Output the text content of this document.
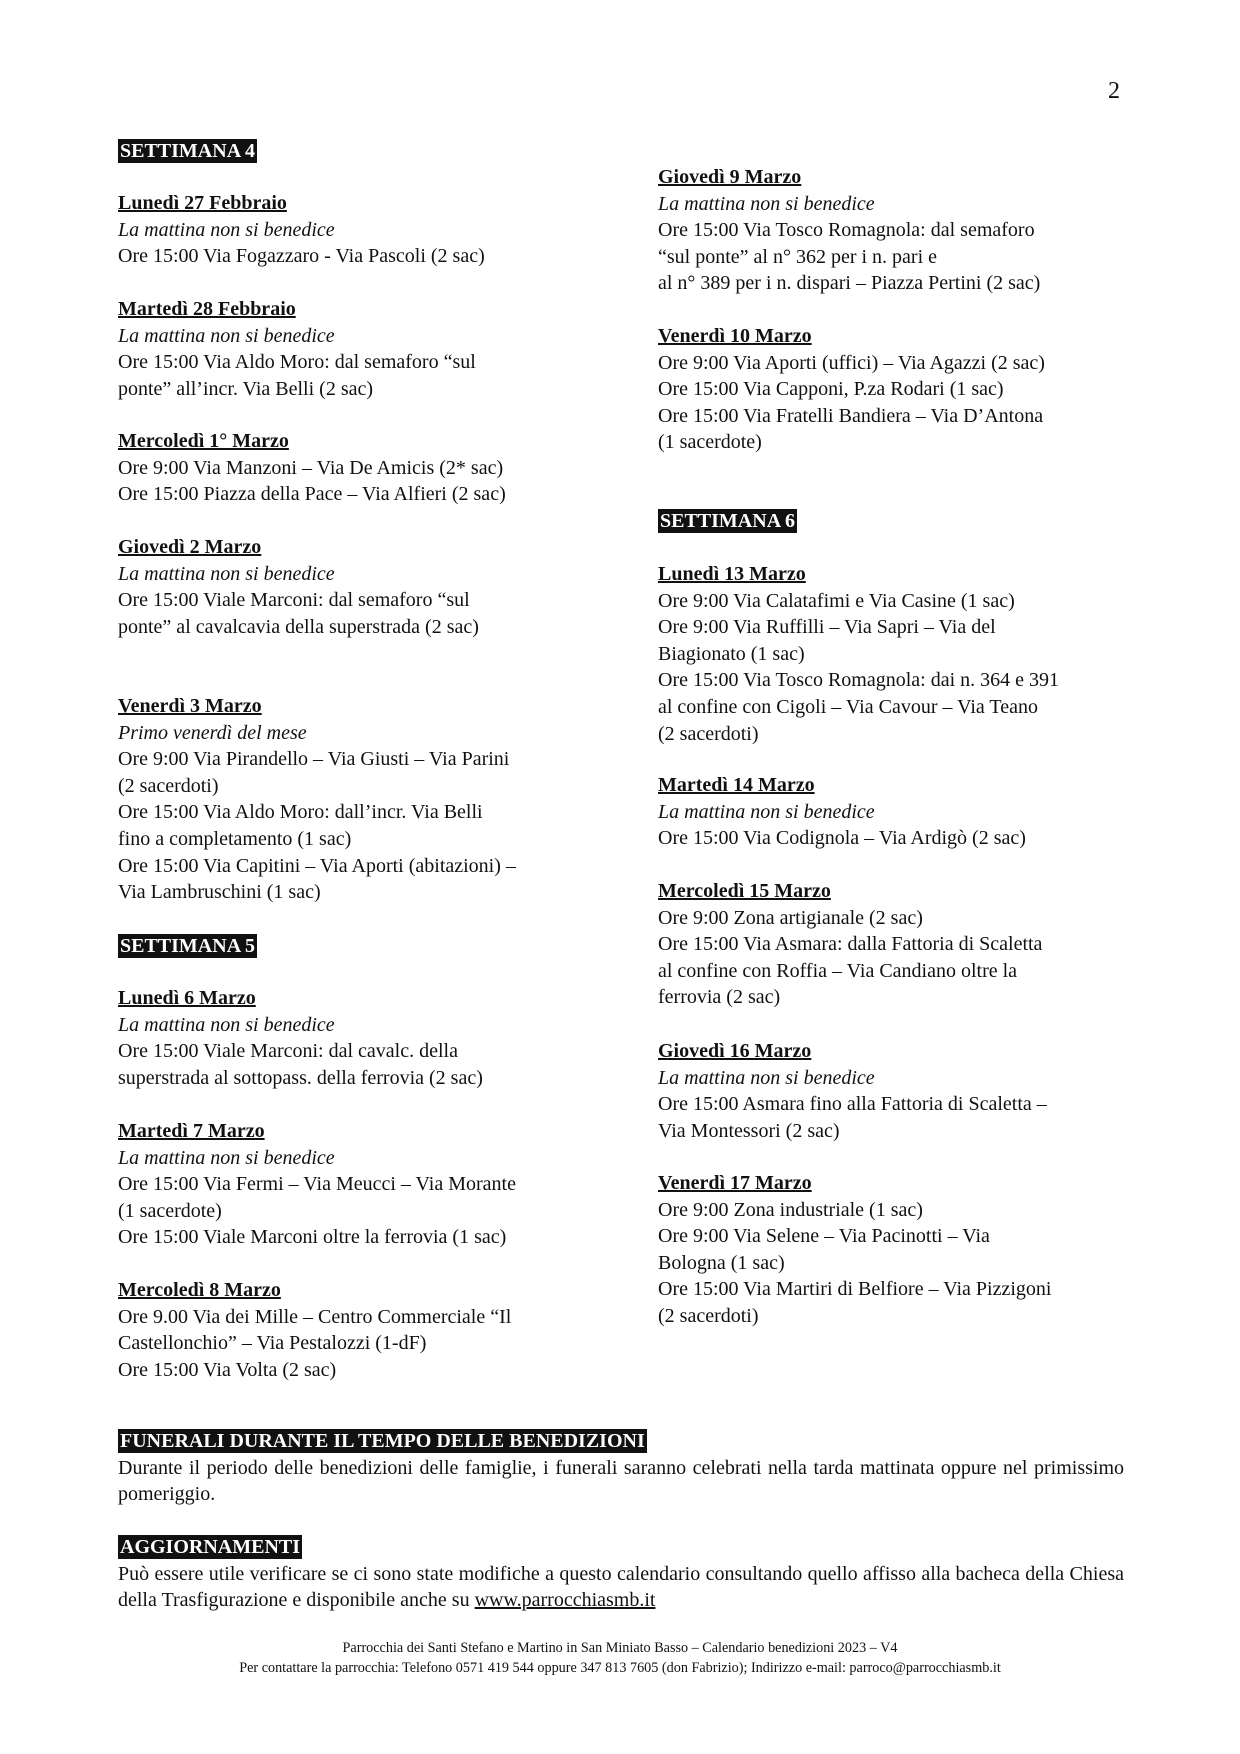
2
SETTIMANA 4
Lunedì 27 Febbraio
La mattina non si benedice
Ore 15:00 Via Fogazzaro - Via Pascoli (2 sac)
Martedì 28 Febbraio
La mattina non si benedice
Ore 15:00 Via Aldo Moro: dal semaforo “sul
ponte” all’incr. Via Belli (2 sac)
Mercoledì 1° Marzo
Ore 9:00 Via Manzoni – Via De Amicis (2* sac)
Ore 15:00 Piazza della Pace – Via Alfieri (2 sac)
Giovedì 2 Marzo
La mattina non si benedice
Ore 15:00 Viale Marconi: dal semaforo “sul
ponte” al cavalcavia della superstrada (2 sac)
Venerdì 3 Marzo
Primo venerdì del mese
Ore 9:00 Via Pirandello – Via Giusti – Via Parini
(2 sacerdoti)
Ore 15:00 Via Aldo Moro: dall’incr. Via Belli
fino a completamento (1 sac)
Ore 15:00 Via Capitini – Via Aporti (abitazioni) –
Via Lambruschini (1 sac)
SETTIMANA 5
Lunedì 6 Marzo
La mattina non si benedice
Ore 15:00 Viale Marconi: dal cavalc. della
superstrada al sottopass. della ferrovia (2 sac)
Martedì 7 Marzo
La mattina non si benedice
Ore 15:00 Via Fermi – Via Meucci – Via Morante
(1 sacerdote)
Ore 15:00 Viale Marconi oltre la ferrovia (1 sac)
Mercoledì 8 Marzo
Ore 9.00 Via dei Mille – Centro Commerciale “Il
Castellonchio” – Via Pestalozzi (1-dF)
Ore 15:00 Via Volta (2 sac)
Giovedì 9 Marzo
La mattina non si benedice
Ore 15:00 Via Tosco Romagnola: dal semaforo
“sul ponte” al n° 362 per i n. pari e
al n° 389 per i n. dispari – Piazza Pertini (2 sac)
Venerdì 10 Marzo
Ore 9:00 Via Aporti (uffici) – Via Agazzi (2 sac)
Ore 15:00 Via Capponi, P.za Rodari (1 sac)
Ore 15:00 Via Fratelli Bandiera – Via D’Antona
(1 sacerdote)
SETTIMANA 6
Lunedì 13 Marzo
Ore 9:00 Via Calatafimi e Via Casine (1 sac)
Ore 9:00 Via Ruffilli – Via Sapri – Via del
Biagionato (1 sac)
Ore 15:00 Via Tosco Romagnola: dai n. 364 e 391
al confine con Cigoli – Via Cavour – Via Teano
(2 sacerdoti)
Martedì 14 Marzo
La mattina non si benedice
Ore 15:00 Via Codignola – Via Ardigò (2 sac)
Mercoledì 15 Marzo
Ore 9:00 Zona artigianale (2 sac)
Ore 15:00 Via Asmara: dalla Fattoria di Scaletta
al confine con Roffia – Via Candiano oltre la
ferrovia (2 sac)
Giovedì 16 Marzo
La mattina non si benedice
Ore 15:00 Asmara fino alla Fattoria di Scaletta –
Via Montessori (2 sac)
Venerdì 17 Marzo
Ore 9:00 Zona industriale (1 sac)
Ore 9:00 Via Selene – Via Pacinotti – Via
Bologna (1 sac)
Ore 15:00 Via Martiri di Belfiore – Via Pizzigoni
(2 sacerdoti)
FUNERALI DURANTE IL TEMPO DELLE BENEDIZIONI

Durante il periodo delle benedizioni delle famiglie, i funerali saranno celebrati nella tarda mattinata oppure nel primissimo pomeriggio.

AGGIORNAMENTI

Può essere utile verificare se ci sono state modifiche a questo calendario consultando quello affisso alla bacheca della Chiesa della Trasfigurazione e disponibile anche su www.parrocchiasmb.it

Parrocchia dei Santi Stefano e Martino in San Miniato Basso – Calendario benedizioni 2023 – V4
Per contattare la parrocchia: Telefono 0571 419 544 oppure 347 813 7605 (don Fabrizio); Indirizzo e-mail: parroco@parrocchiasmb.it
